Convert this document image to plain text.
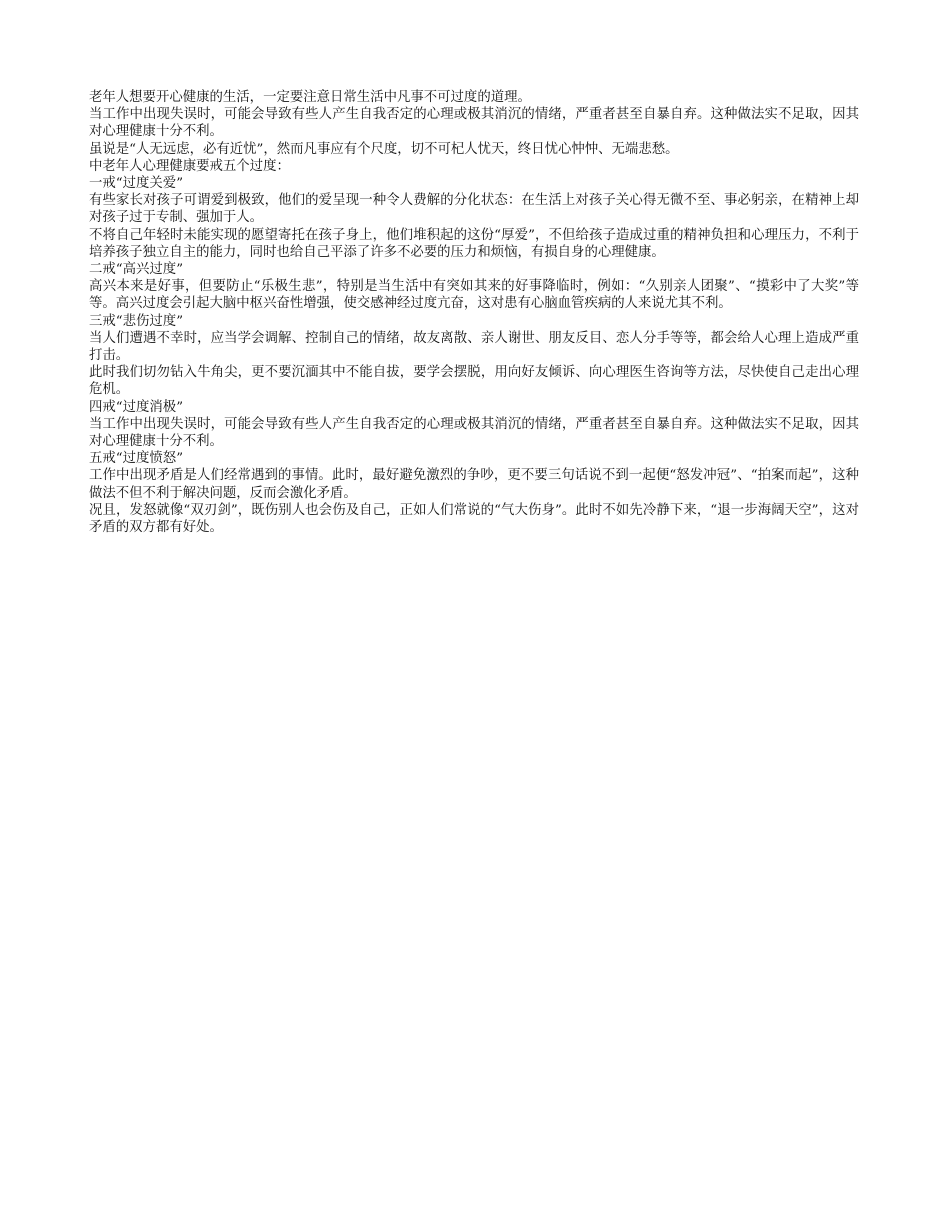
老年人想要开心健康的生活，一定要注意日常生活中凡事不可过度的道理。

当工作中出现失误时，可能会导致有些人产生自我否定的心理或极其消沉的情绪，严重者甚至自暴自弃。这种做法实不足取，因其对心理健康十分不利。

虽说是“人无远虑，必有近忧”，然而凡事应有个尺度，切不可杞人忧天，终日忧心忡忡、无端悲愁。

中老年人心理健康要戒五个过度：

一戒“过度关爱”

有些家长对孩子可谓爱到极致，他们的爱呈现一种令人费解的分化状态：在生活上对孩子关心得无微不至、事必躬亲，在精神上却对孩子过于专制、强加于人。

不将自己年轻时未能实现的愿望寄托在孩子身上，他们堆积起的这份“厚爱”，不但给孩子造成过重的精神负担和心理压力，不利于培养孩子独立自主的能力，同时也给自己平添了许多不必要的压力和烦恼，有损自身的心理健康。

二戒“高兴过度”

高兴本来是好事，但要防止“乐极生悲”，特别是当生活中有突如其来的好事降临时，例如：“久别亲人团聚”、“摸彩中了大奖”等等。高兴过度会引起大脑中枢兴奋性增强，使交感神经过度亢奋，这对患有心脑血管疾病的人来说尤其不利。

三戒“悲伤过度”

当人们遭遇不幸时，应当学会调解、控制自己的情绪，故友离散、亲人谢世、朋友反目、恋人分手等等，都会给人心理上造成严重打击。

此时我们切勿钻入牛角尖，更不要沉湎其中不能自拔，要学会摆脱，用向好友倾诉、向心理医生咨询等方法，尽快使自己走出心理危机。

四戒“过度消极”

当工作中出现失误时，可能会导致有些人产生自我否定的心理或极其消沉的情绪，严重者甚至自暴自弃。这种做法实不足取，因其对心理健康十分不利。

五戒“过度愤怒”

工作中出现矛盾是人们经常遇到的事情。此时，最好避免激烈的争吵，更不要三句话说不到一起便“怒发冲冠”、“拍案而起”，这种做法不但不利于解决问题，反而会激化矛盾。

况且，发怒就像“双刃剑”，既伤别人也会伤及自己，正如人们常说的“气大伤身”。此时不如先冷静下来，“退一步海阔天空”，这对矛盾的双方都有好处。
